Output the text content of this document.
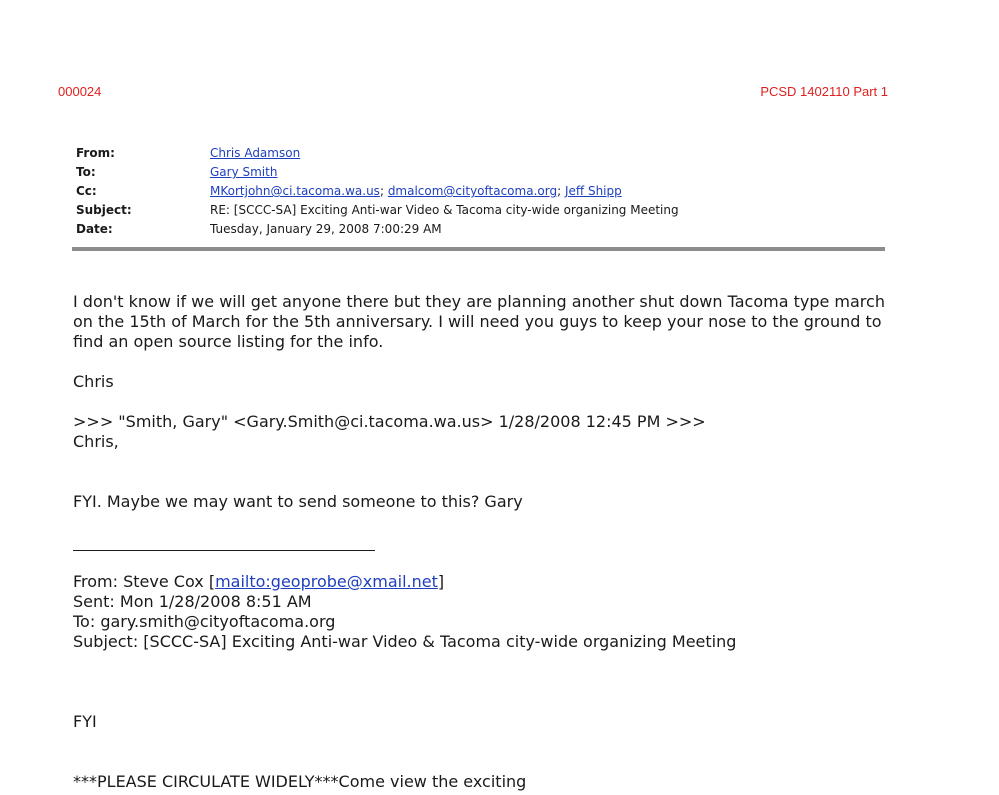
000024	PCSD 1402110 Part 1
From:	Chris Adamson
To:	Gary Smith
Cc:	MKortjohn@ci.tacoma.wa.us; dmalcom@cityoftacoma.org; Jeff Shipp
Subject:	RE: [SCCC-SA] Exciting Anti-war Video & Tacoma city-wide organizing Meeting
Date:	Tuesday, January 29, 2008 7:00:29 AM

I don't know if we will get anyone there but they are planning another shut down Tacoma type march

on the 15th of March for the 5th anniversary. I will need you guys to keep your nose to the ground to

find an open source listing for the info.

Chris

>>> "Smith, Gary" <Gary.Smith@ci.tacoma.wa.us> 1/28/2008 12:45 PM >>>

Chris,

FYI. Maybe we may want to send someone to this? Gary

From: Steve Cox [mailto:geoprobe@xmail.net]

Sent: Mon 1/28/2008 8:51 AM

To: gary.smith@cityoftacoma.org

Subject: [SCCC-SA] Exciting Anti-war Video & Tacoma city-wide organizing Meeting

FYI

***PLEASE CIRCULATE WIDELY***Come view the exciting
